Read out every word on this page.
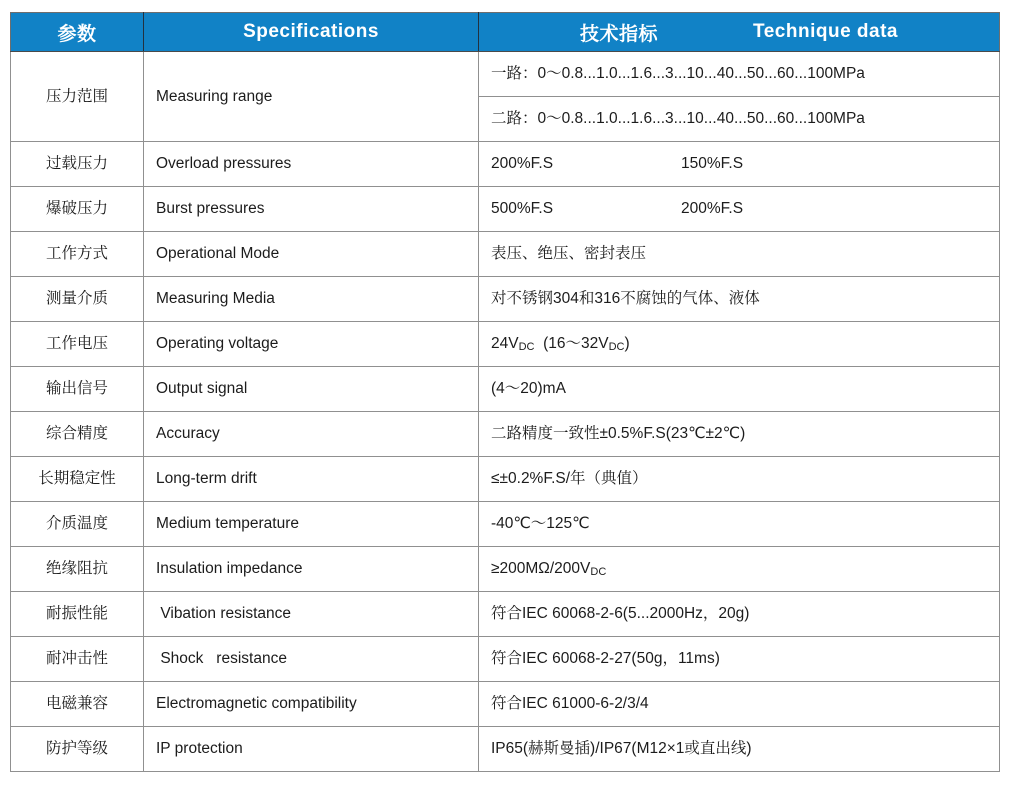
参数	Specifications	技术指标 Technique data

压力范围	Measuring range	一路：0～0.8...1.0...1.6...3...10...40...50...60...100MPa
		二路：0～0.8...1.0...1.6...3...10...40...50...60...100MPa
过载压力	Overload pressures	200%F.S 150%F.S
爆破压力	Burst pressures	500%F.S 200%F.S
工作方式	Operational Mode	表压、绝压、密封表压
测量介质	Measuring Media	对不锈钢304和316不腐蚀的气体、液体
工作电压	Operating voltage	24VDC  (16～32VDC)
输出信号	Output signal	(4～20)mA
综合精度	Accuracy	二路精度一致性±0.5%F.S(23℃±2℃)
长期稳定性	Long-term drift	≤±0.2%F.S/年（典值）
介质温度	Medium temperature	-40℃～125℃
绝缘阻抗	Insulation impedance	≥200MΩ/200VDC
耐振性能	Vibation resistance	符合IEC 60068-2-6(5...2000Hz，20g)
耐冲击性	Shock   resistance	符合IEC 60068-2-27(50g，11ms)
电磁兼容	Electromagnetic compatibility	符合IEC 61000-6-2/3/4
防护等级	IP protection	IP65(赫斯曼插)/IP67(M12×1或直出线)
